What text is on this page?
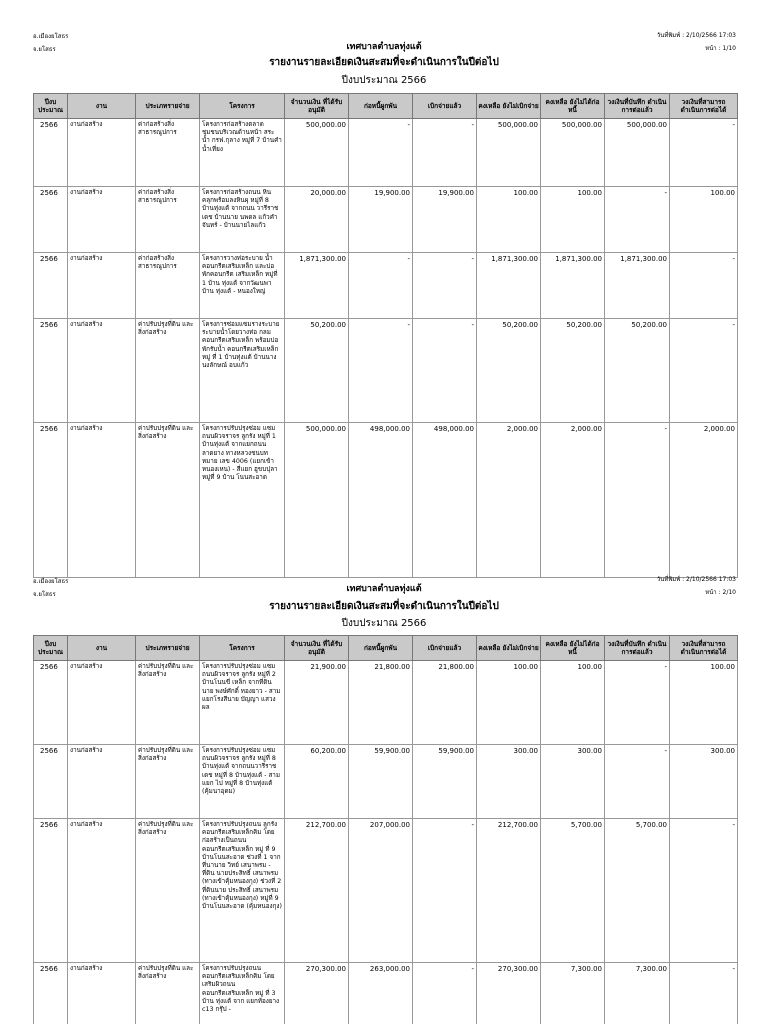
อ.เมืองยโสธร
จ.ยโสธร
วันที่พิมพ์ : 2/10/2566 17:03
หน้า : 1/10
เทศบาลตำบลทุ่งแต้
รายงานรายละเอียดเงินสะสมที่จะดำเนินการในปีต่อไป
ปีงบประมาณ 2566
ปีงบ ประมาณ	งาน	ประเภทรายจ่าย	โครงการ	จำนวนเงิน ที่ได้รับอนุมัติ	ก่อหนี้ผูกพัน	เบิกจ่ายแล้ว	คงเหลือ ยังไม่เบิกจ่าย	คงเหลือ ยังไม่ได้ก่อหนี้	วงเงินที่บันทึก ดำเนินการต่อแล้ว	วงเงินที่สามารถ ดำเนินการต่อได้
2566	งานก่อสร้าง	ค่าก่อสร้างสิ่ง สาธารณูปการ	โครงการก่อสร้างตลาด ชุมชนบริเวณด้านหน้า สระน้ำ กรฟ.กุลาง หมู่ที่ 7 บ้านคำน้ำเที่ยง	500,000.00	-	-	500,000.00	500,000.00	500,000.00	-
2566	งานก่อสร้าง	ค่าก่อสร้างสิ่ง สาธารณูปการ	โครงการก่อสร้างถนน หินคลุกพร้อมลงหินผุ หมู่ที่ 8 บ้านทุ่งแต้ จากถนน วารีราชเดช บ้านนาย นพดล แก้วคำจันทร์ - บ้านนายไลแก้ว	20,000.00	19,900.00	19,900.00	100.00	100.00	-	100.00
2566	งานก่อสร้าง	ค่าก่อสร้างสิ่ง สาธารณูปการ	โครงการวางท่อระบาย น้ำคอนกรีตเสริมเหล็ก และบ่อพักคอนกรีต เสริมเหล็ก หมู่ที่ 1 บ้าน ทุ่งแต้ จากวัฒนพาบ้าน ทุ่งแต้ - หนองใหญ่	1,871,300.00	-	-	1,871,300.00	1,871,300.00	1,871,300.00	-
2566	งานก่อสร้าง	ค่าปรับปรุงที่ดิน และสิ่งก่อสร้าง	โครงการซ่อมแซมรางระบาย ระบายน้ำโดยวางท่อ กลมคอนกรีตเสริมเหล็ก พร้อมบ่อพักรับน้ำ คอนกรีตเสริมเหล็ก หมู่ ที่ 1 บ้านทุ่งแต้ บ้านนาง นงลักษณ์ อบแก้ว	50,200.00	-	-	50,200.00	50,200.00	50,200.00	-
2566	งานก่อสร้าง	ค่าปรับปรุงที่ดิน และสิ่งก่อสร้าง	โครงการปรับปรุงซ่อม แซมถนนผิวจราจร ลูกรัง หมู่ที่ 1 บ้านทุ่งแต้ จากแยกถนนลาดยาง ทางหลวงชนบท หมาย เลข 4006 (แยกเข้า หนองเหน) - สี่แยก ฮูขบปุลา หมู่ที่ 9 บ้าน โนนสะอาด	500,000.00	498,000.00	498,000.00	2,000.00	2,000.00	-	2,000.00
อ.เมืองยโสธร
จ.ยโสธร
วันที่พิมพ์ : 2/10/2566 17:03
หน้า : 2/10
เทศบาลตำบลทุ่งแต้
รายงานรายละเอียดเงินสะสมที่จะดำเนินการในปีต่อไป
ปีงบประมาณ 2566
ปีงบ ประมาณ	งาน	ประเภทรายจ่าย	โครงการ	จำนวนเงิน ที่ได้รับอนุมัติ	ก่อหนี้ผูกพัน	เบิกจ่ายแล้ว	คงเหลือ ยังไม่เบิกจ่าย	คงเหลือ ยังไม่ได้ก่อหนี้	วงเงินที่บันทึก ดำเนินการต่อแล้ว	วงเงินที่สามารถ ดำเนินการต่อได้
2566	งานก่อสร้าง	ค่าปรับปรุงที่ดิน และสิ่งก่อสร้าง	โครงการปรับปรุงซ่อม แซมถนนผิวจราจร ลูกรัง หมู่ที่ 2 บ้านโนนขี่ เหล็ก จากที่ดินนาย พงษ์ศักดิ์ ทองยาว - สามแยกโรงสีนาย บัญญา แสวงผล	21,900.00	21,800.00	21,800.00	100.00	100.00	-	100.00
2566	งานก่อสร้าง	ค่าปรับปรุงที่ดิน และสิ่งก่อสร้าง	โครงการปรับปรุงซ่อม แซมถนนผิวจราจร ลูกรัง หมู่ที่ 8 บ้านทุ่งแต้ จากถนนวารีราชเดช หมู่ที่ 8 บ้านทุ่งแต้ - สามแยก ไป หมู่ที่ 8 บ้านทุ่งแต้ (คุ้มนาอุดม)	60,200.00	59,900.00	59,900.00	300.00	300.00	-	300.00
2566	งานก่อสร้าง	ค่าปรับปรุงที่ดิน และสิ่งก่อสร้าง	โครงการปรับปรุงถนน ลูกรังคอนกรีตเสริมเหล็กคิม โดยก่อสร้างเป็นถนน คอนกรีตเสริมเหล็ก หมู่ ที่ 9 บ้านโนนสะอาด ช่วงที่ 1 จากที่นานาย วิทย์ เสนาพรม - ที่ดิน นายประสิทธิ์ เสนาพรม (ทางเข้าคุ้มหนองกุง) ช่วงที่ 2 ที่ดินนาย ประสิทธิ์ เสนาพรม (ทางเข้าคุ้มหนองกุง) หมู่ที่ 9 บ้านโนนสะอาด (คุ้มหนองกุง)	212,700.00	207,000.00	-	212,700.00	5,700.00	5,700.00	-
2566	งานก่อสร้าง	ค่าปรับปรุงที่ดิน และสิ่งก่อสร้าง	โครงการปรับปรุงถนน คอนกรีตเสริมเหล็กคิม โดยเสริมผิวถนน คอนกรีตเสริมเหล็ก หมู่ ที่ 3 บ้าน ทุ่งแต้ จาก แยกท้องยาง c13 กรุ๊ป -	270,300.00	263,000.00	-	270,300.00	7,300.00	7,300.00	-
